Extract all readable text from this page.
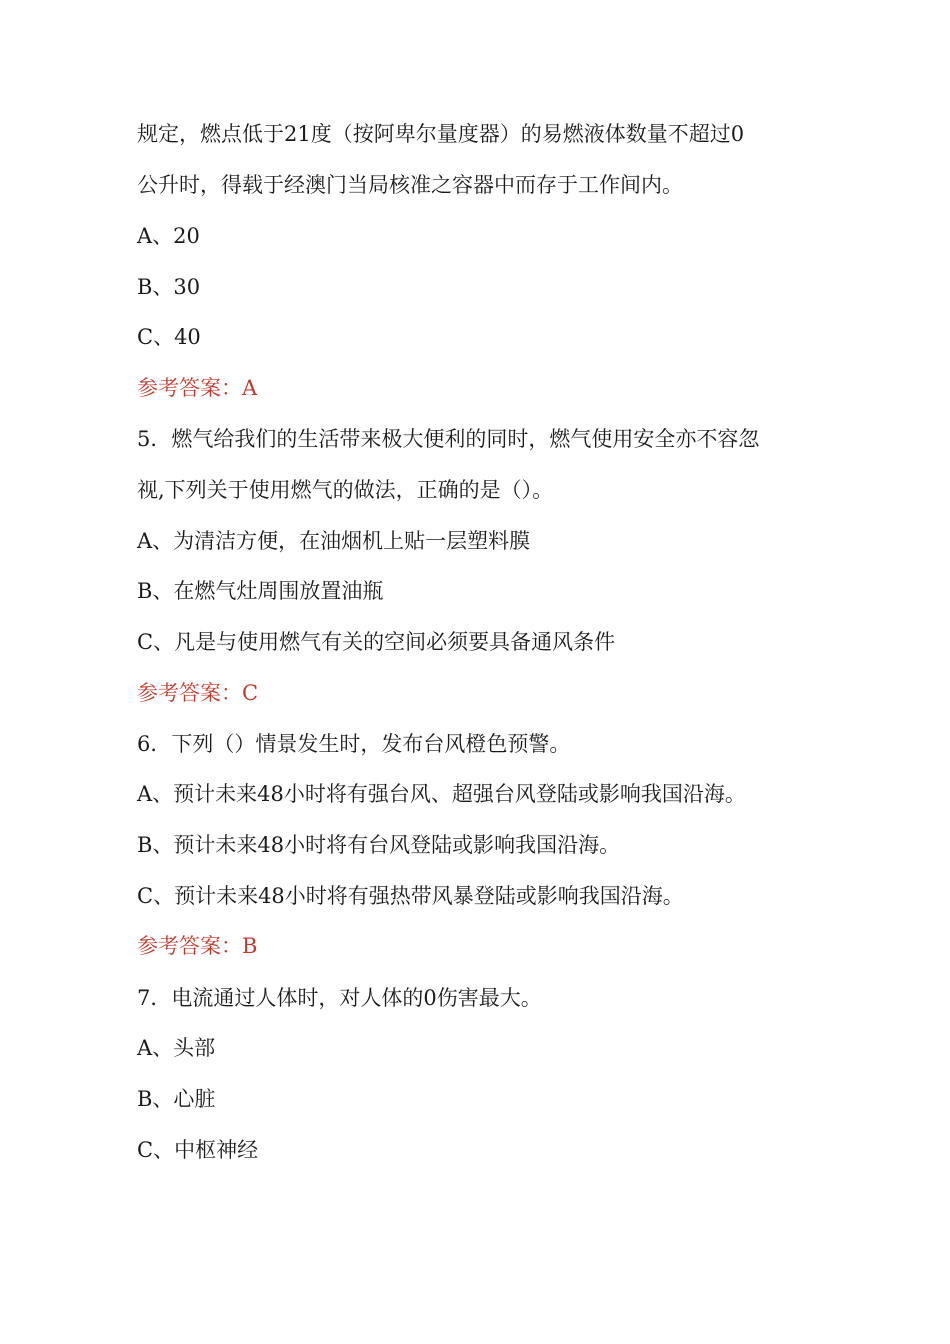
规定，燃点低于21度（按阿卑尔量度器）的易燃液体数量不超过0
公升时，得载于经澳门当局核准之容器中而存于工作间内。
A、20
B、30
C、40
参考答案：A
5．燃气给我们的生活带来极大便利的同时，燃气使用安全亦不容忽
视,下列关于使用燃气的做法，正确的是（）。
A、为清洁方便，在油烟机上贴一层塑料膜
B、在燃气灶周围放置油瓶
C、凡是与使用燃气有关的空间必须要具备通风条件
参考答案：C
6．下列（）情景发生时，发布台风橙色预警。
A、预计未来48小时将有强台风、超强台风登陆或影响我国沿海。
B、预计未来48小时将有台风登陆或影响我国沿海。
C、预计未来48小时将有强热带风暴登陆或影响我国沿海。
参考答案：B
7．电流通过人体时，对人体的0伤害最大。
A、头部
B、心脏
C、中枢神经
